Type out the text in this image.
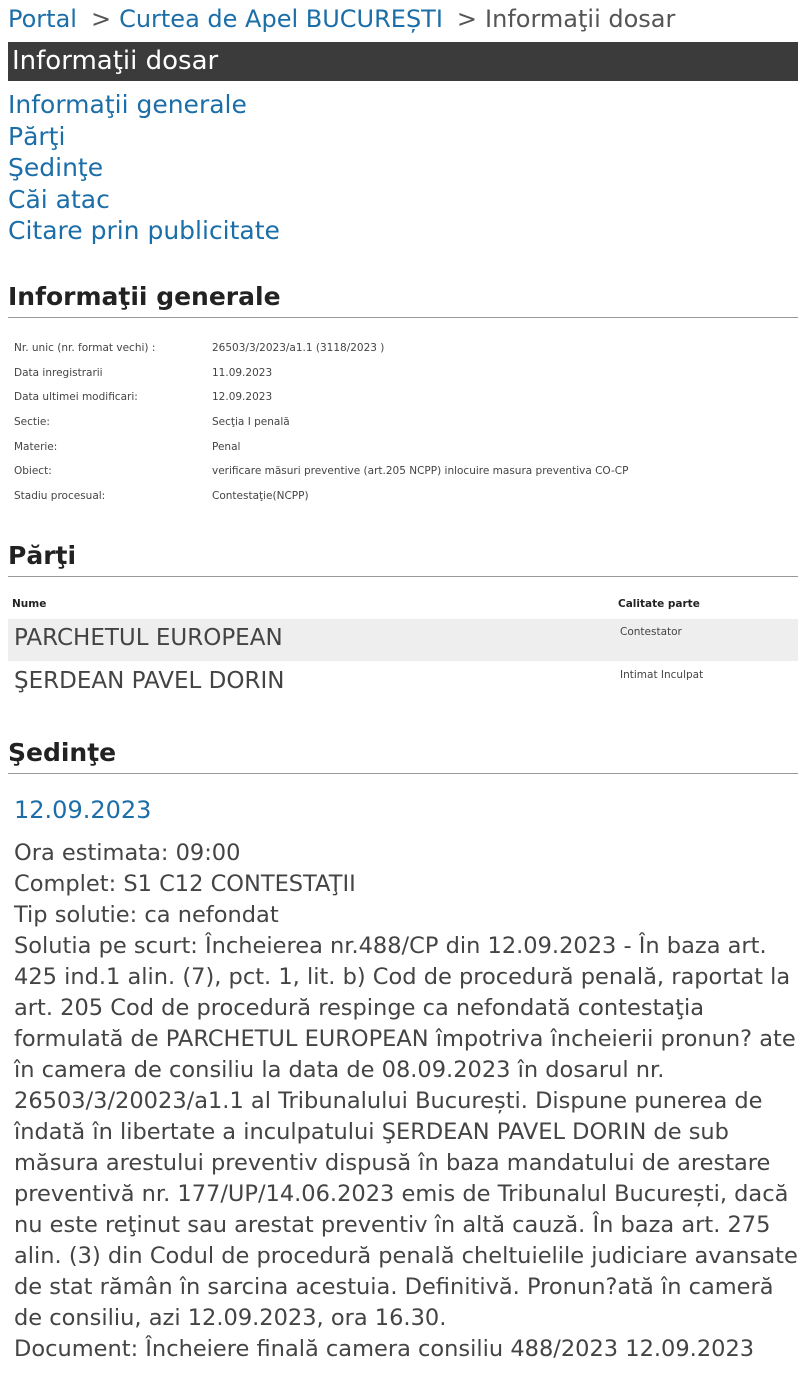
Portal > Curtea de Apel BUCUREȘTI > Informaţii dosar
Informaţii dosar
Informaţii generale
Părţi
Şedinţe
Căi atac
Citare prin publicitate
Informaţii generale
Nr. unic (nr. format vechi) :	26503/3/2023/a1.1 (3118/2023 )
Data inregistrarii	11.09.2023
Data ultimei modificari:	12.09.2023
Sectie:	Secţia I penală
Materie:	Penal
Obiect:	verificare măsuri preventive (art.205 NCPP) inlocuire masura preventiva CO-CP
Stadiu procesual:	Contestaţie(NCPP)
Părţi
Nume	Calitate parte
PARCHETUL EUROPEAN	Contestator
ŞERDEAN PAVEL DORIN	Intimat Inculpat
Şedinţe
12.09.2023

Ora estimata: 09:00

Complet: S1 C12 CONTESTAŢII

Tip solutie: ca nefondat

Solutia pe scurt: Încheierea nr.488/CP din 12.09.2023 - În baza art. 425 ind.1 alin. (7), pct. 1, lit. b) Cod de procedură penală, raportat la art. 205 Cod de procedură respinge ca nefondată contestaţia formulată de PARCHETUL EUROPEAN împotriva încheierii pronun? ate în camera de consiliu la data de 08.09.2023 în dosarul nr. 26503/3/20023/a1.1 al Tribunalului București. Dispune punerea de îndată în libertate a inculpatului ŞERDEAN PAVEL DORIN de sub măsura arestului preventiv dispusă în baza mandatului de arestare preventivă nr. 177/UP/14.06.2023 emis de Tribunalul București, dacă nu este reţinut sau arestat preventiv în altă cauză. În baza art. 275 alin. (3) din Codul de procedură penală cheltuielile judiciare avansate de stat rămân în sarcina acestuia. Definitivă. Pronun?ată în cameră de consiliu, azi 12.09.2023, ora 16.30.

Document: Încheiere finală camera consiliu 488/2023 12.09.2023
